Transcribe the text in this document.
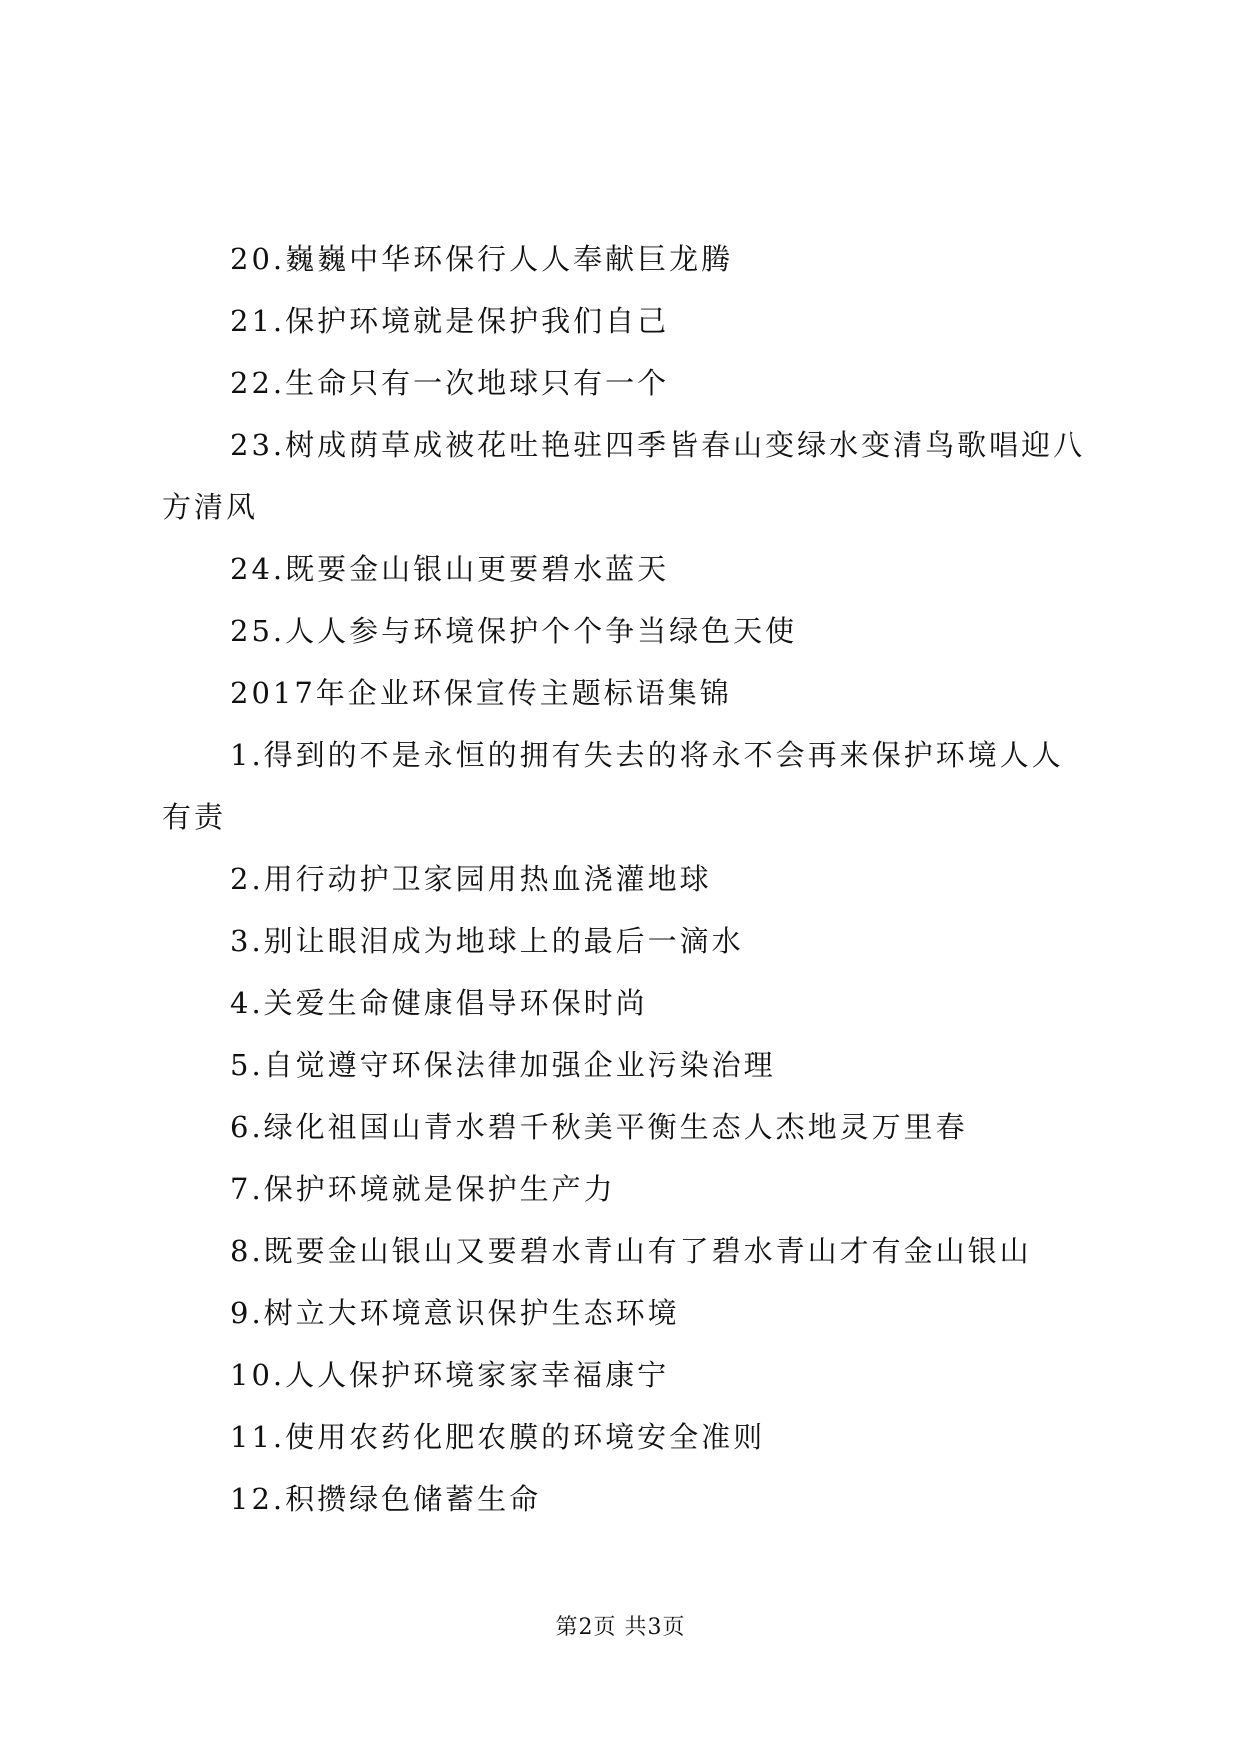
20.巍巍中华环保行人人奉献巨龙腾

21.保护环境就是保护我们自己

22.生命只有一次地球只有一个

23.树成荫草成被花吐艳驻四季皆春山变绿水变清鸟歌唱迎八方清风

24.既要金山银山更要碧水蓝天

25.人人参与环境保护个个争当绿色天使

2017年企业环保宣传主题标语集锦

1.得到的不是永恒的拥有失去的将永不会再来保护环境人人有责

2.用行动护卫家园用热血浇灌地球

3.别让眼泪成为地球上的最后一滴水

4.关爱生命健康倡导环保时尚

5.自觉遵守环保法律加强企业污染治理

6.绿化祖国山青水碧千秋美平衡生态人杰地灵万里春

7.保护环境就是保护生产力

8.既要金山银山又要碧水青山有了碧水青山才有金山银山

9.树立大环境意识保护生态环境

10.人人保护环境家家幸福康宁

11.使用农药化肥农膜的环境安全准则

12.积攒绿色储蓄生命

第2页 共3页
